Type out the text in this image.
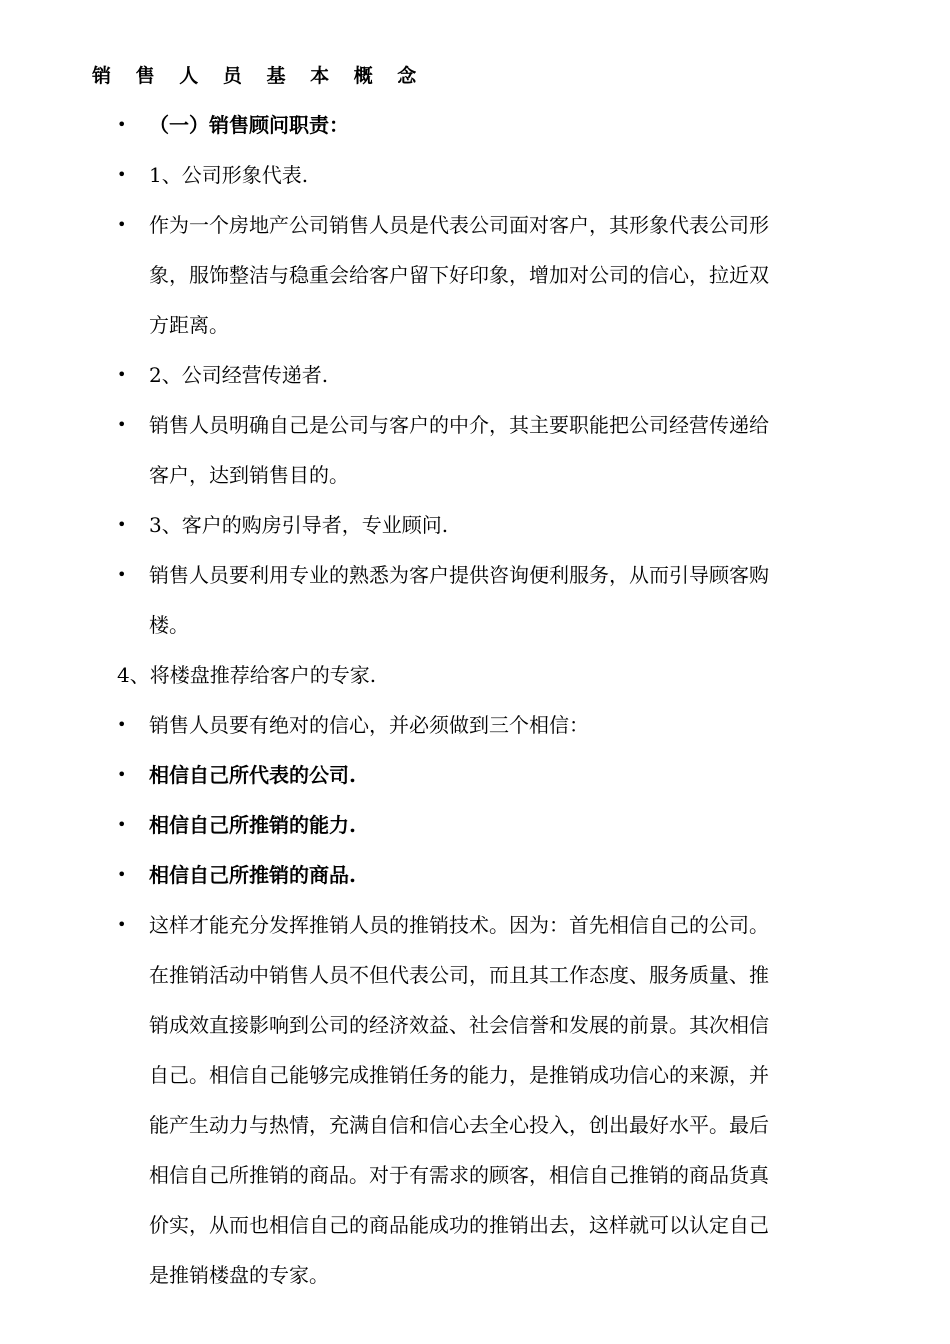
销 售 人 员 基 本 概 念
• （一）销售顾问职责：
• 1、公司形象代表.
• 作为一个房地产公司销售人员是代表公司面对客户，其形象代表公司形
象，服饰整洁与稳重会给客户留下好印象，增加对公司的信心，拉近双
方距离。
• 2、公司经营传递者.
• 销售人员明确自己是公司与客户的中介，其主要职能把公司经营传递给
客户，达到销售目的。
• 3、客户的购房引导者，专业顾问.
• 销售人员要利用专业的熟悉为客户提供咨询便利服务，从而引导顾客购
楼。
4、将楼盘推荐给客户的专家.
• 销售人员要有绝对的信心，并必须做到三个相信：
• 相信自己所代表的公司.
• 相信自己所推销的能力.
• 相信自己所推销的商品.
• 这样才能充分发挥推销人员的推销技术。因为：首先相信自己的公司。
在推销活动中销售人员不但代表公司，而且其工作态度、服务质量、推
销成效直接影响到公司的经济效益、社会信誉和发展的前景。其次相信
自己。相信自己能够完成推销任务的能力，是推销成功信心的来源，并
能产生动力与热情，充满自信和信心去全心投入，创出最好水平。最后
相信自己所推销的商品。对于有需求的顾客，相信自己推销的商品货真
价实，从而也相信自己的商品能成功的推销出去，这样就可以认定自己
是推销楼盘的专家。
